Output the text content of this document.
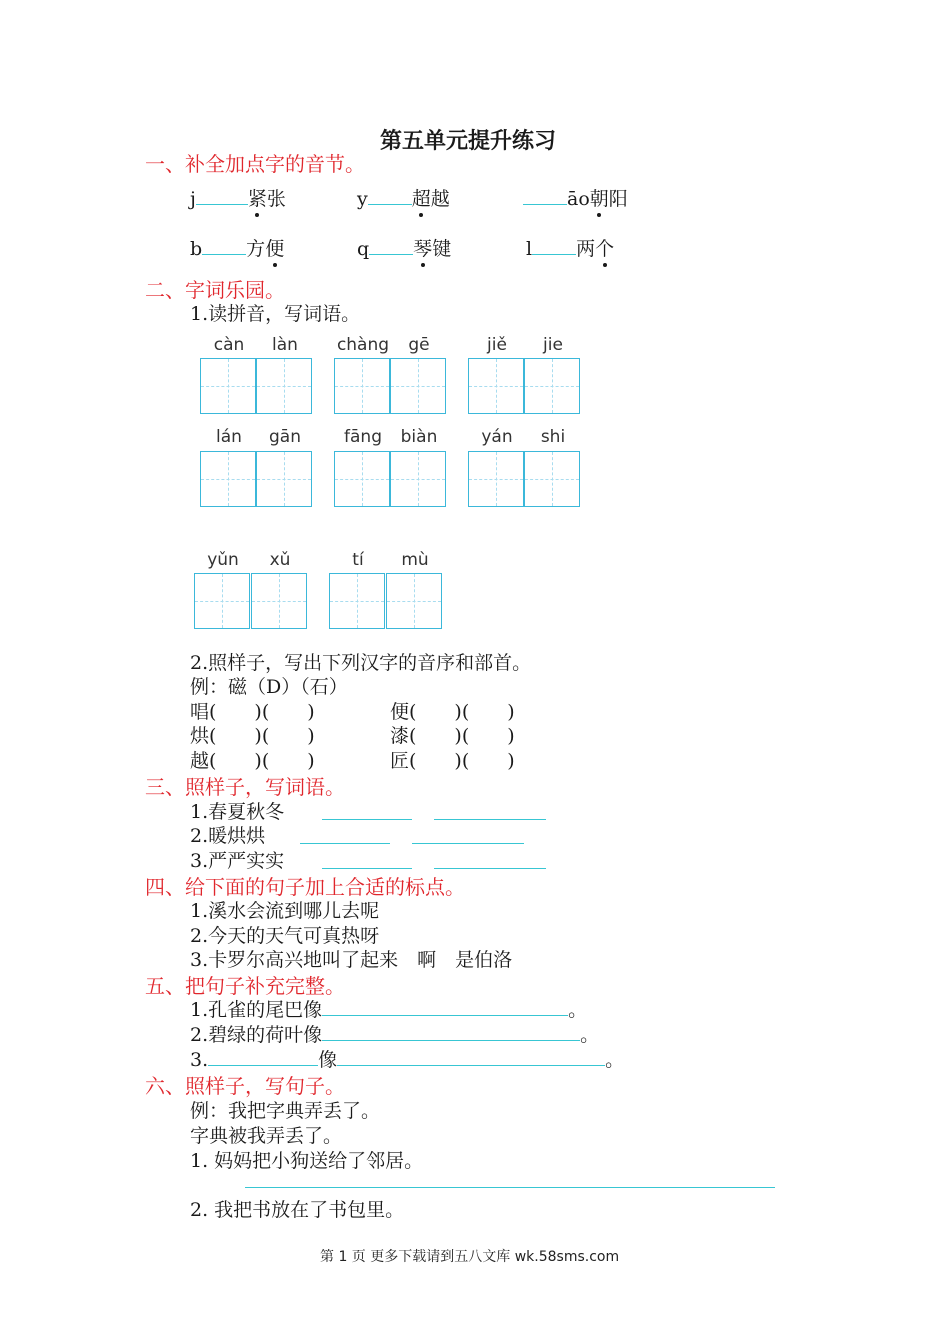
第五单元提升练习
一、补全加点字的音节。
j	紧张	y 超越	āo朝阳
b 方便	q 琴键	l 两个
二、字词乐园。
1.读拼音，写词语。
càn	làn	chàng	gē	jiě	jie
lán	gān	fāng	biàn	yán	shi
yǔn	xǔ	tí	mù
2.照样子，写出下列汉字的音序和部首。
例：磁（D）（石）
唱(　　)(　　)	便(　　)(　　)
烘(　　)(　　)	漆(　　)(　　)
越(　　)(　　)	匠(　　)(　　)
三、照样子，写词语。
1.春夏秋冬
2.暖烘烘
3.严严实实
四、给下面的句子加上合适的标点。
1.溪水会流到哪儿去呢
2.今天的天气可真热呀
3.卡罗尔高兴地叫了起来　啊　是伯洛
五、把句子补充完整。
1.孔雀的尾巴像	。
2.碧绿的荷叶像	。
3.	像	。
六、照样子，写句子。
例：我把字典弄丢了。
字典被我弄丢了。
1. 妈妈把小狗送给了邻居。
2. 我把书放在了书包里。
第 1 页 更多下载请到五八文库 wk.58sms.com
